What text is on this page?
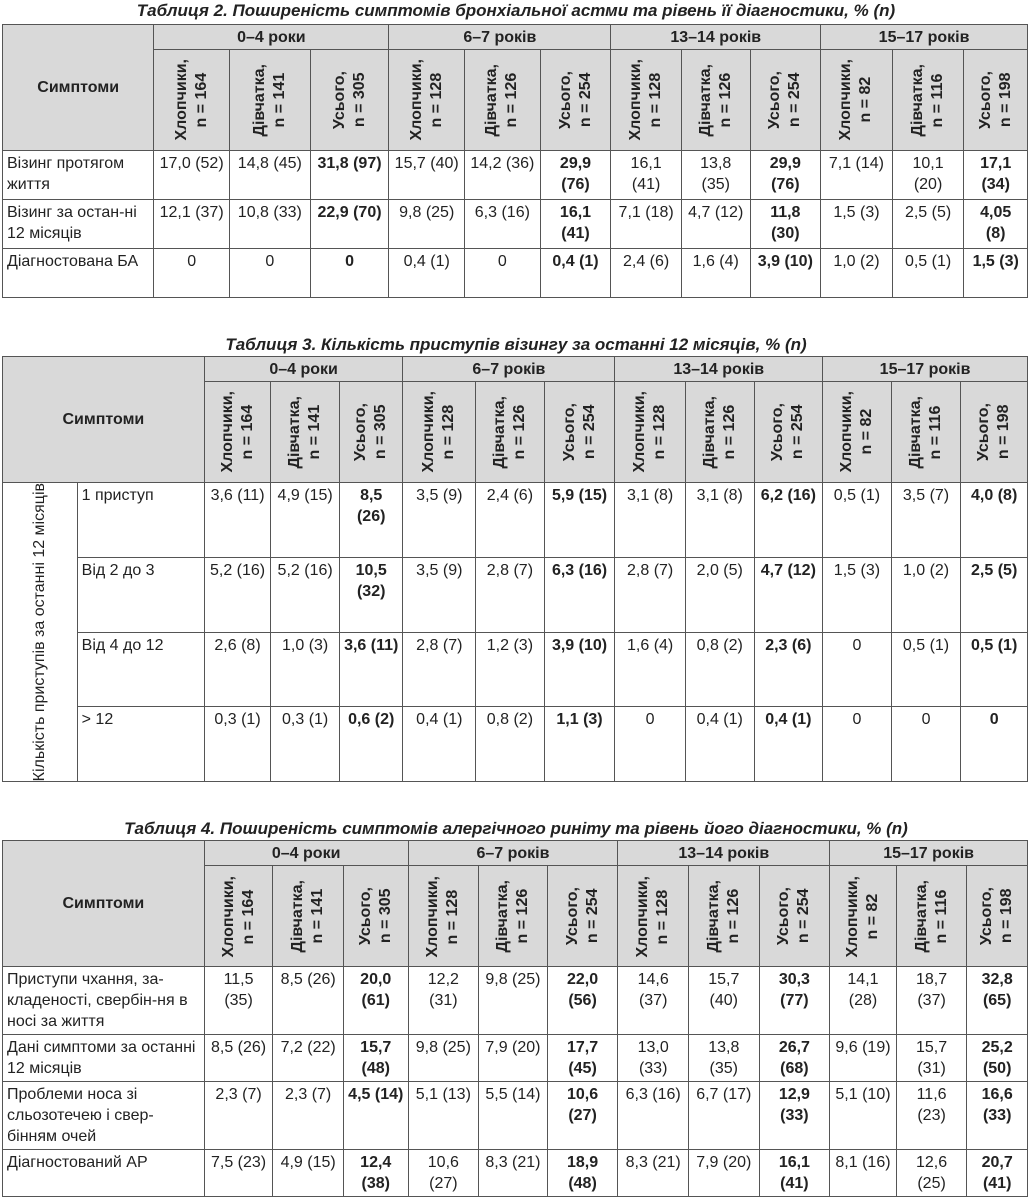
Таблиця 2. Поширеність симптомів бронхіальної астми та рівень її діагностики, % (n)

Симптоми	0–4 роки			6–7 років			13–14 років			15–17 років		

	Хлопчики,
n = 164	Дівчатка,
n = 141	Усього,
n = 305	Хлопчики,
n = 128	Дівчатка,
n = 126	Усього,
n = 254	Хлопчики,
n = 128	Дівчатка,
n = 126	Усього,
n = 254	Хлопчики,
n = 82	Дівчатка,
n = 116	Усього,
n = 198

Візинг протягом життя	17,0 (52)	14,8 (45)	31,8 (97)	15,7 (40)	14,2 (36)	29,9 (76)	16,1 (41)	13,8 (35)	29,9 (76)	7,1 (14)	10,1 (20)	17,1 (34)
Візинг за остан-ні 12 місяців	12,1 (37)	10,8 (33)	22,9 (70)	9,8 (25)	6,3 (16)	16,1 (41)	7,1 (18)	4,7 (12)	11,8 (30)	1,5 (3)	2,5 (5)	4,05 (8)
Діагностована БА	0	0	0	0,4 (1)	0	0,4 (1)	2,4 (6)	1,6 (4)	3,9 (10)	1,0 (2)	0,5 (1)	1,5 (3)

Таблиця 3. Кількість приступів візингу за останні 12 місяців, % (n)

Симптоми		0–4 роки			6–7 років			13–14 років			15–17 років		

		Хлопчики,
n = 164	Дівчатка,
n = 141	Усього,
n = 305	Хлопчики,
n = 128	Дівчатка,
n = 126	Усього,
n = 254	Хлопчики,
n = 128	Дівчатка,
n = 126	Усього,
n = 254	Хлопчики,
n = 82	Дівчатка,
n = 116	Усього,
n = 198

Кількість приступів за останні 12 місяців	1 приступ	3,6 (11)	4,9 (15)	8,5 (26)	3,5 (9)	2,4 (6)	5,9 (15)	3,1 (8)	3,1 (8)	6,2 (16)	0,5 (1)	3,5 (7)	4,0 (8)
	Від 2 до 3	5,2 (16)	5,2 (16)	10,5 (32)	3,5 (9)	2,8 (7)	6,3 (16)	2,8 (7)	2,0 (5)	4,7 (12)	1,5 (3)	1,0 (2)	2,5 (5)
	Від 4 до 12	2,6 (8)	1,0 (3)	3,6 (11)	2,8 (7)	1,2 (3)	3,9 (10)	1,6 (4)	0,8 (2)	2,3 (6)	0	0,5 (1)	0,5 (1)
	> 12	0,3 (1)	0,3 (1)	0,6 (2)	0,4 (1)	0,8 (2)	1,1 (3)	0	0,4 (1)	0,4 (1)	0	0	0

Таблиця 4. Поширеність симптомів алергічного риніту та рівень його діагностики, % (n)

Симптоми	0–4 роки			6–7 років			13–14 років			15–17 років		

	Хлопчики,
n = 164	Дівчатка,
n = 141	Усього,
n = 305	Хлопчики,
n = 128	Дівчатка,
n = 126	Усього,
n = 254	Хлопчики,
n = 128	Дівчатка,
n = 126	Усього,
n = 254	Хлопчики,
n = 82	Дівчатка,
n = 116	Усього,
n = 198

Приступи чхання, за-кладеності, свербін-ня в носі за життя	11,5 (35)	8,5 (26)	20,0 (61)	12,2 (31)	9,8 (25)	22,0 (56)	14,6 (37)	15,7 (40)	30,3 (77)	14,1 (28)	18,7 (37)	32,8 (65)
Дані симптоми за останні 12 місяців	8,5 (26)	7,2 (22)	15,7 (48)	9,8 (25)	7,9 (20)	17,7 (45)	13,0 (33)	13,8 (35)	26,7 (68)	9,6 (19)	15,7 (31)	25,2 (50)
Проблеми носа зі сльозотечею і свер-бінням очей	2,3 (7)	2,3 (7)	4,5 (14)	5,1 (13)	5,5 (14)	10,6 (27)	6,3 (16)	6,7 (17)	12,9 (33)	5,1 (10)	11,6 (23)	16,6 (33)
Діагностований АР	7,5 (23)	4,9 (15)	12,4 (38)	10,6 (27)	8,3 (21)	18,9 (48)	8,3 (21)	7,9 (20)	16,1 (41)	8,1 (16)	12,6 (25)	20,7 (41)
